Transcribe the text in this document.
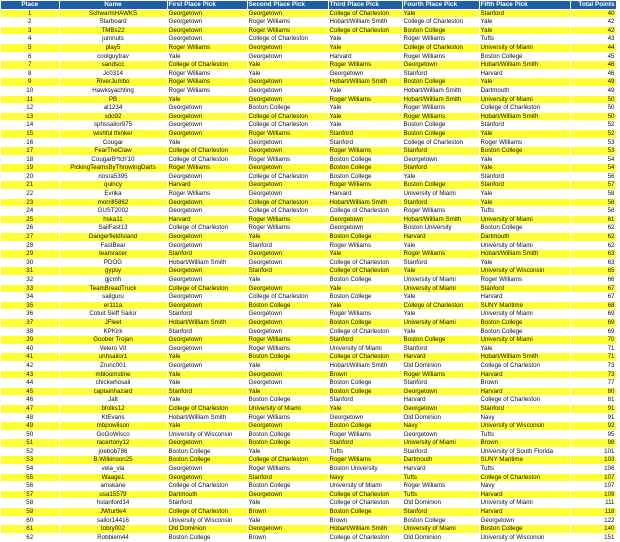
Place	Name	First Place Pick	Second Place Pick	Third Place Pick	Fourth Place Pick	Fifth Place Pick	Total Points
1	SchwarmHAWKS	Georgetown	Georgetown	College of Charleston	Yale	Stanford	40
2	Starboard	Georgetown	Roger Williams	Hobart/William Smith	College of Charleston	Yale	42
3	TMBs22	Georgetown	Roger Williams	College of Charleston	Boston College	Yale	42
4	jumnuts	Georgetown	College of Charleston	Yale	Roger Williams	Tufts	43
5	play5	Roger Williams	Georgetown	Yale	College of Charleston	University of Miami	44
6	coolguytrav	Yale	Georgetown	Harvard	Roger Williams	Boston College	45
7	sandscc	College of Charleston	Yale	Roger Williams	Georgetown	Hobart/William Smith	46
8	Jc0314	Roger Williams	Yale	Georgetown	Stanford	Harvard	46
9	RiverJumbo	Roger Williams	Georgetown	Hobart/William Smith	Boston College	Yale	49
10	Hawksyachting	Roger Williams	Georgetown	Yale	Hobart/William Smith	Dartmouth	49
11	PB	Yale	Georgetown	Roger Williams	Hobart/William Smith	University of Miami	50
12	al1234	Georgetown	Boston College	Yale	Roger Williams	College of Charleston	50
13	sdo92	Georgetown	College of Charleston	Yale	Roger Williams	Hobart/William Smith	50
14	sphssailor975	Georgetown	College of Charleston	Yale	Boston College	Stanford	52
15	wishful thinker	Georgetown	Roger Williams	Stanford	Boston College	Yale	52
16	Cougar	Yale	Georgetown	Stanford	College of Charleston	Roger Williams	53
17	FearTheClaw	College of Charleston	Georgetown	Roger Williams	Stanford	Boston College	53
18	CougarB*tch'10	College of Charleston	Roger Williams	Boston College	Georgetown	Yale	54
19	PickingTeamsByThrowingDarts	Roger Williams	Georgetown	Boston College	Stanford	Yale	54
20	riosra5395	Georgetown	College of Charleston	Boston College	Yale	Stanford	56
21	quincy	Harvard	Georgetown	Roger Williams	Boston College	Stanford	57
22	Evrika	Roger Williams	Georgetown	Harvard	University of Miami	Yale	58
23	morrill5862	Georgetown	College of Charleston	Hobart/William Smith	Stanford	Yale	58
24	GUST2002	Georgetown	College of Charleston	College of Charleston	Roger Williams	Tufts	58
25	hska11	Harvard	Roger Williams	Georgetown	Hobart/William Smith	University of Miami	61
26	SailFast13	College of Charleston	Roger Williams	Georgetown	Boston University	Boston College	62
27	DangerfieldIsland	Georgetown	Yale	Boston College	Harvard	Dartmouth	62
28	FastBear	Georgetown	Stanford	Roger Williams	Yale	University of Miami	62
29	teamracer	Stanford	Georgetown	Yale	Roger Williams	Hobart/William Smith	63
30	PDOG	Hobart/William Smith	Georgetown	College of Charleston	Stanford	Yale	63
31	gypsy	Georgetown	Stanford	College of Charleston	Yale	University of Wisconsin	65
32	gjcmh	Georgetown	Yale	Boston College	University of Miami	Roger Williams	66
33	TeamBreadTruck	College of Charleston	Georgetown	Yale	University of Miami	Stanford	67
34	sailguru	Georgetown	College of Charleston	Boston College	Yale	Harvard	67
35	er111a	Georgetown	Boston College	Yale	College of Charleston	SUNY Maritime	68
36	Cotuit Skiff Sailor	Stanford	Georgetown	Roger Williams	Yale	University of Miami	69
37	JFleet	Hobart/William Smith	Georgetown	Boston College	University of Miami	Boston College	69
38	KPKirk	Stanford	Georgetown	College of Charleston	Yale	Boston College	69
39	Goober Trojan	Georgetown	Roger Williams	Stanford	Boston College	University of Miami	70
40	Velero VII	Georgetown	Roger Williams	University of Miami	Stanford	Yale	71
41	unhsailor1	Yale	Boston College	College of Charleston	Harvard	Hobart/William Smith	71
42	Zrunc001	Georgetown	Yale	Hobart/William Smith	Old Dominion	College of Charleston	73
43	mbloomstine	Yale	Georgetown	Brown	Roger Williams	Harvard	73
44	chickwhosail	Yale	Georgetown	Boston College	Stanford	Brown	77
45	captainhazard	Stanford	Yale	Boston College	Georgetown	Harvard	80
46	Jalt	Yale	Boston College	Stanford	Harvard	College of Charleston	81
47	bfolks12	College of Charleston	University of Miami	Yale	Georgetown	Stanford	91
48	KtEvans	Hobart/William Smith	Roger Williams	Georgetown	Old Dominion	Navy	91
49	mbpowlison	Yale	Georgetown	Boston College	Navy	University of Wisconsin	92
50	GoGoWisco	University of Wisconsin	Boston College	Roger Williams	Georgetown	Tufts	95
51	racertony12	Georgetown	Boston College	Stanford	University of Miami	Brown	98
52	joebob786	Boston College	Yale	Tufts	Stanford	University of South Florida	101
53	B.Wilkinson25	Boston College	College of Charleston	Roger Williams	Dartmouth	SUNY Maritime	103
54	vela_via	Georgetown	Roger Williams	Boston University	Harvard	Tufts	106
55	Waage1	Georgetown	Stanford	Navy	Tufts	College of Charleston	107
56	amskane	College of Charleston	Boston College	University of Miami	Roger Williams	Navy	107
57	usa15579	Dartmouth	Georgetown	College of Charleston	Tufts	Harvard	109
58	hstanford14	Stanford	Yale	College of Charleston	Old Dominion	University of Miami	111
59	JWturtle4	College of Charleston	Brown	Boston College	Stanford	Harvard	118
60	sailor14416	University of Wisconsin	Yale	Brown	Boston College	Georgetown	122
61	tobry002	Old Dominion	Georgetown	Hobart/William Smith	University of Miami	Boston College	140
62	Robbiem44	Boston College	Brown	College of Charleston	Old Dominion	University of Wisconsin	151
